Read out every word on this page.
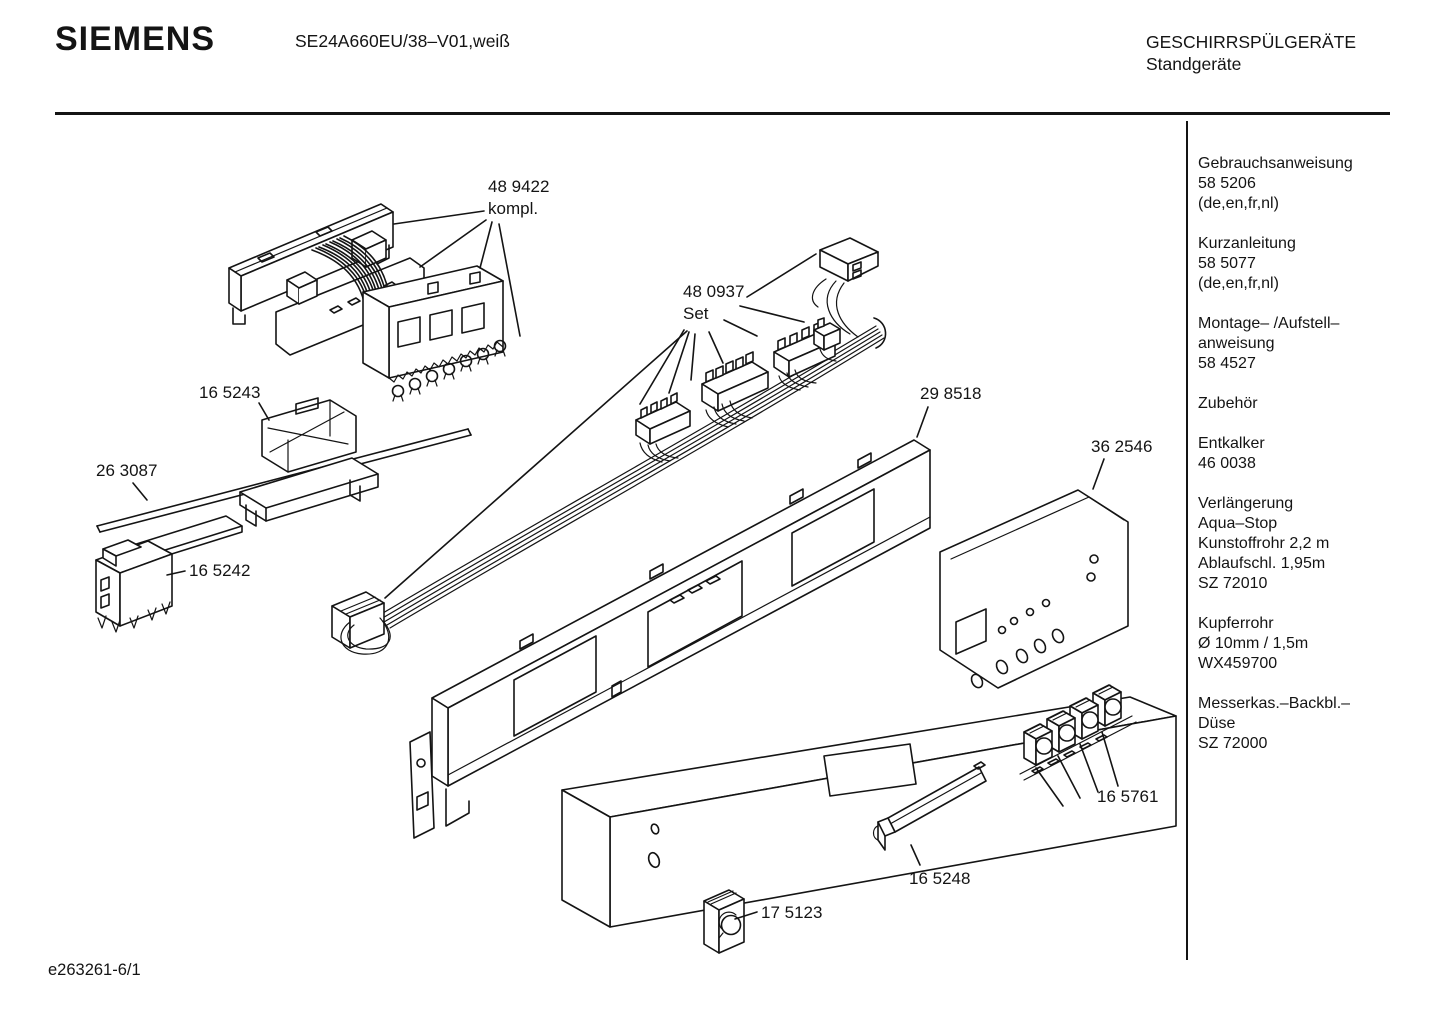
SIEMENS	SE24A660EU/38–V01,weiß	GESCHIRRSPÜLGERÄTE
Standgeräte
Gebrauchsanweisung
58 5206
(de,en,fr,nl)
Kurzanleitung
58 5077
(de,en,fr,nl)
Montage– /Aufstell–
anweisung
58 4527
Zubehör
Entkalker
46 0038
Verlängerung
Aqua–Stop
Kunstoffrohr 2,2 m
Ablaufschl. 1,95m
SZ 72010
Kupferrohr
Ø 10mm / 1,5m
WX459700
Messerkas.–Backbl.–
Düse
SZ 72000
48 9422
kompl.
16 5243
26 3087
16 5242
48 0937
Set
29 8518
36 2546
16 5761
16 5248
17 5123
e263261-6/1
